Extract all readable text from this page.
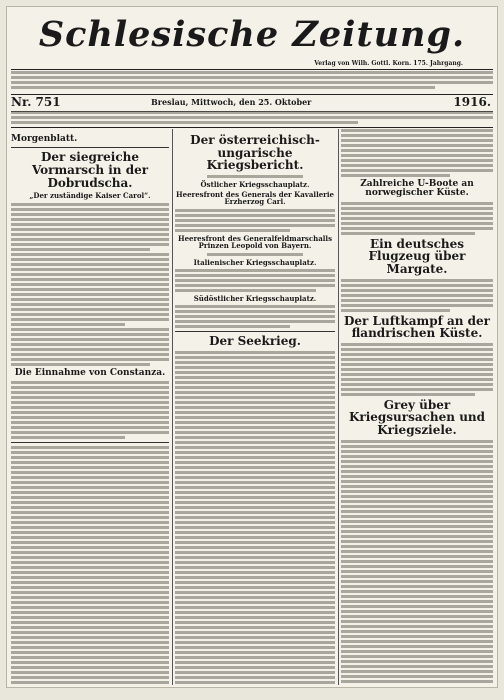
Schlesische Zeitung.
Verlag von Wilh. Gottl. Korn. 175. Jahrgang.
Nr. 751	Breslau, Mittwoch, den 25. Oktober	1916.
Morgenblatt.
Der siegreiche Vormarsch in der Dobrudscha.
„Der zuständige Kaiser Carol“.
Die Einnahme von Constanza.
Der österreichisch-ungarische Kriegsbericht.
Östlicher Kriegsschauplatz.
Heeresfront des Generals der Kavallerie Erzherzog Carl.
Heeresfront des Generalfeldmarschalls Prinzen Leopold von Bayern.
Italienischer Kriegsschauplatz.
Südöstlicher Kriegsschauplatz.
Der Seekrieg.
Zahlreiche U-Boote an norwegischer Küste.
Ein deutsches Flugzeug über Margate.
Der Luftkampf an der flandrischen Küste.
Grey über Kriegsursachen und Kriegsziele.
